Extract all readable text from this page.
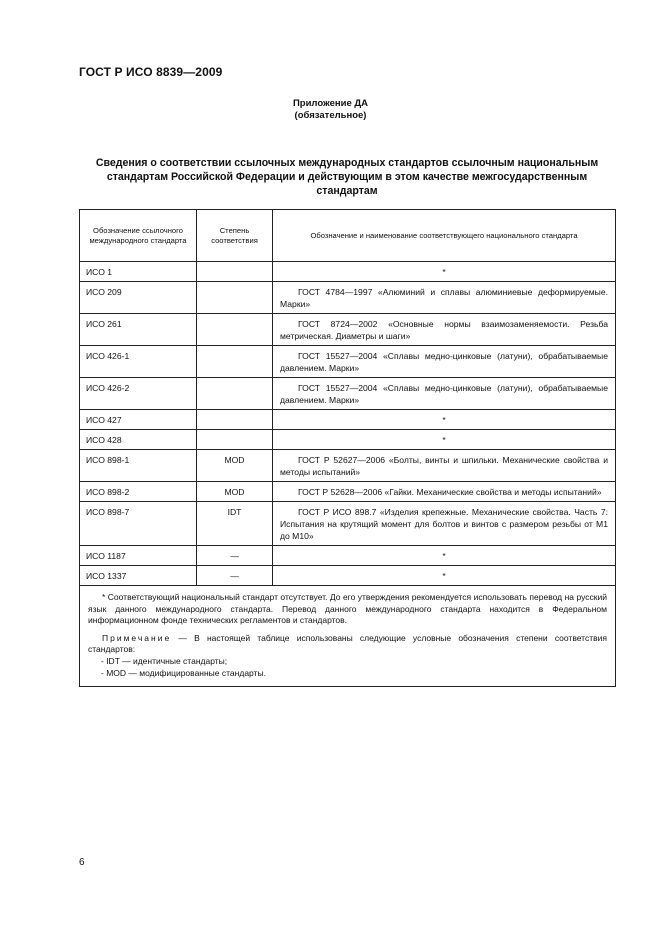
ГОСТ Р ИСО 8839—2009
Приложение ДА
(обязательное)
Сведения о соответствии ссылочных международных стандартов ссылочным национальным стандартам Российской Федерации и действующим в этом качестве межгосударственным стандартам
Обозначение ссылочного международного стандарта	Степень соответствия	Обозначение и наименование соответствующего национального стандарта
ИСО 1		*
ИСО 209		ГОСТ 4784—1997 «Алюминий и сплавы алюминиевые деформируемые. Марки»
ИСО 261		ГОСТ 8724—2002 «Основные нормы взаимозаменяемости. Резьба метрическая. Диаметры и шаги»
ИСО 426-1		ГОСТ 15527—2004 «Сплавы медно-цинковые (латуни), обрабатываемые давлением. Марки»
ИСО 426-2		ГОСТ 15527—2004 «Сплавы медно-цинковые (латуни), обрабатываемые давлением. Марки»
ИСО 427		*
ИСО 428		*
ИСО 898-1	MOD	ГОСТ Р 52627—2006 «Болты, винты и шпильки. Механические свойства и методы испытаний»
ИСО 898-2	MOD	ГОСТ Р 52628—2006 «Гайки. Механические свойства и методы испытаний»
ИСО 898-7	IDT	ГОСТ Р ИСО 898.7 «Изделия крепежные. Механические свойства. Часть 7: Испытания на крутящий момент для болтов и винтов с размером резьбы от М1 до М10»
ИСО 1187	—	*
ИСО 1337	—	*

* Соответствующий национальный стандарт отсутствует. До его утверждения рекомендуется использовать перевод на русский язык данного международного стандарта. Перевод данного международного стандарта находится в Федеральном информационном фонде технических регламентов и стандартов.

Примечание — В настоящей таблице использованы следующие условные обозначения степени соответствия стандартов:

- IDT — идентичные стандарты;

- MOD — модифицированные стандарты.		

6
